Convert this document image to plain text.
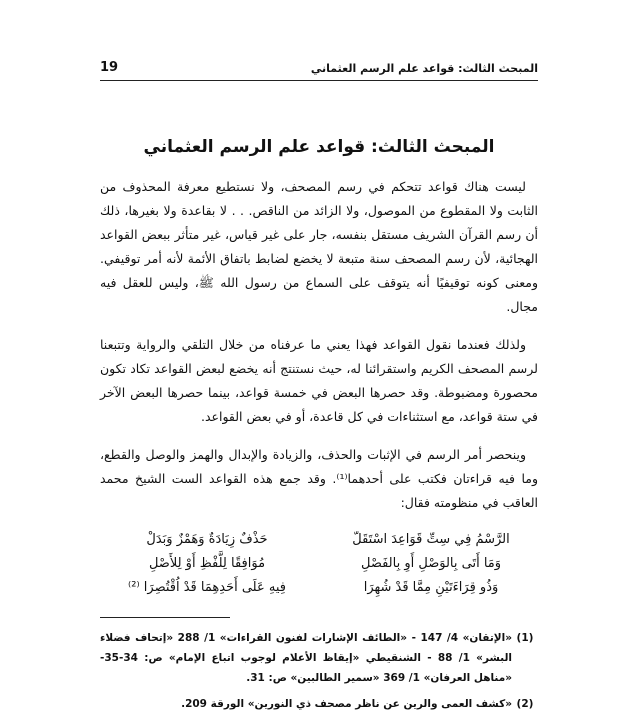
المبحث الثالث: قواعد علم الرسم العثماني
19
المبحث الثالث: قواعد علم الرسم العثماني

ليست هناك قواعد تتحكم في رسم المصحف، ولا نستطيع معرفة المحذوف من الثابت ولا المقطوع من الموصول، ولا الزائد من الناقص. . . لا بقاعدة ولا بغيرها، ذلك أن رسم القرآن الشريف مستقل بنفسه، جار على غير قياس، غير متأثر ببعض القواعد الهجائية، لأن رسم المصحف سنة متبعة لا يخضع لضابط باتفاق الأئمة لأنه أمر توقيفي. ومعنى كونه توقيفيًا أنه يتوقف على السماع من رسول الله ﷺ، وليس للعقل فيه مجال.

ولذلك فعندما نقول القواعد فهذا يعني ما عرفناه من خلال التلقي والرواية وتتبعنا لرسم المصحف الكريم واستقرائنا له، حيث نستنتج أنه يخضع لبعض القواعد تكاد تكون محصورة ومضبوطة. وقد حصرها البعض في خمسة قواعد، بينما حصرها البعض الآخر في ستة قواعد، مع استثناءات في كل قاعدة، أو في بعض القواعد.

وينحصر أمر الرسم في الإثبات والحذف، والزيادة والإبدال والهمز والوصل والقطع، وما فيه قراءتان فكتب على أحدهما⁽¹⁾. وقد جمع هذه القواعد الست الشيخ محمد العاقب في منظومته فقال:

الرَّسْمُ فِي سِتِّ قَوَاعِدَ اسْتَقَلّ
حَذْفٌ زِيَادَةٌ وَهَمْزٌ وَبَدَلْ
وَمَا أَتَى بِالوَصْلِ أَوِ بِالفَصْلِ
مُوَافِقًا لِلَّفْظِ أَوْ لِلأَصْلِ
وَذُو قِرَاءَتَيْنِ مِمَّا قَدْ شُهِرَا
فِيهِ عَلَى أَحَدِهِمَا قَدْ اُقْتُصِرَا ⁽²⁾
(1)
«الإتقان» 4/ 147 - «الطائف الإشارات لفنون القراءات» 1/ 288 «إتحاف فضلاء البشر» 1/ 88 - الشنقيطي «إيقاظ الأعلام لوجوب اتباع الإمام» ص: 34-35- «مناهل العرفان» 1/ 369 «سمير الطالبين» ص: 31.
(2)
«كشف العمى والرين عن ناظر مصحف ذي النورين» الورقة 209.
